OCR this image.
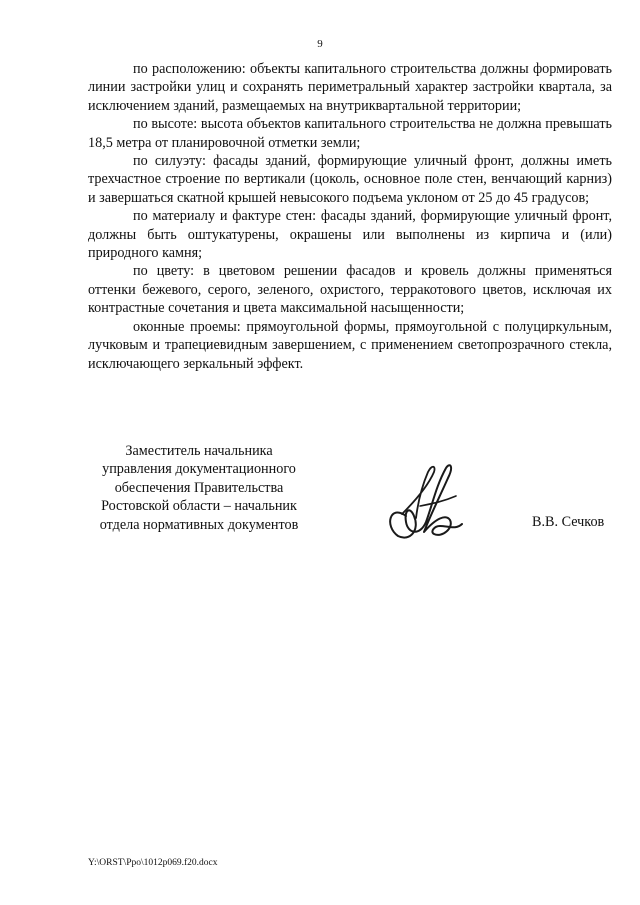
9

по расположению: объекты капитального строительства должны формировать линии застройки улиц и сохранять периметральный характер застройки квартала, за исключением зданий, размещаемых на внутриквартальной территории;

по высоте: высота объектов капитального строительства не должна превышать 18,5 метра от планировочной отметки земли;

по силуэту: фасады зданий, формирующие уличный фронт, должны иметь трехчастное строение по вертикали (цоколь, основное поле стен, венчающий карниз) и завершаться скатной крышей невысокого подъема уклоном от 25 до 45 градусов;

по материалу и фактуре стен: фасады зданий, формирующие уличный фронт, должны быть оштукатурены, окрашены или выполнены из кирпича и (или) природного камня;

по цвету: в цветовом решении фасадов и кровель должны применяться оттенки бежевого, серого, зеленого, охристого, терракотового цветов, исключая их контрастные сочетания и цвета максимальной насыщенности;

оконные проемы: прямоугольной формы, прямоугольной с полуциркульным, лучковым и трапециевидным завершением, с применением светопрозрачного стекла, исключающего зеркальный эффект.

Заместитель начальника
управления документационного
обеспечения Правительства
Ростовской области – начальник
отдела нормативных документов	В.В. Сечков
Y:\ORST\Ppo\1012p069.f20.docx
